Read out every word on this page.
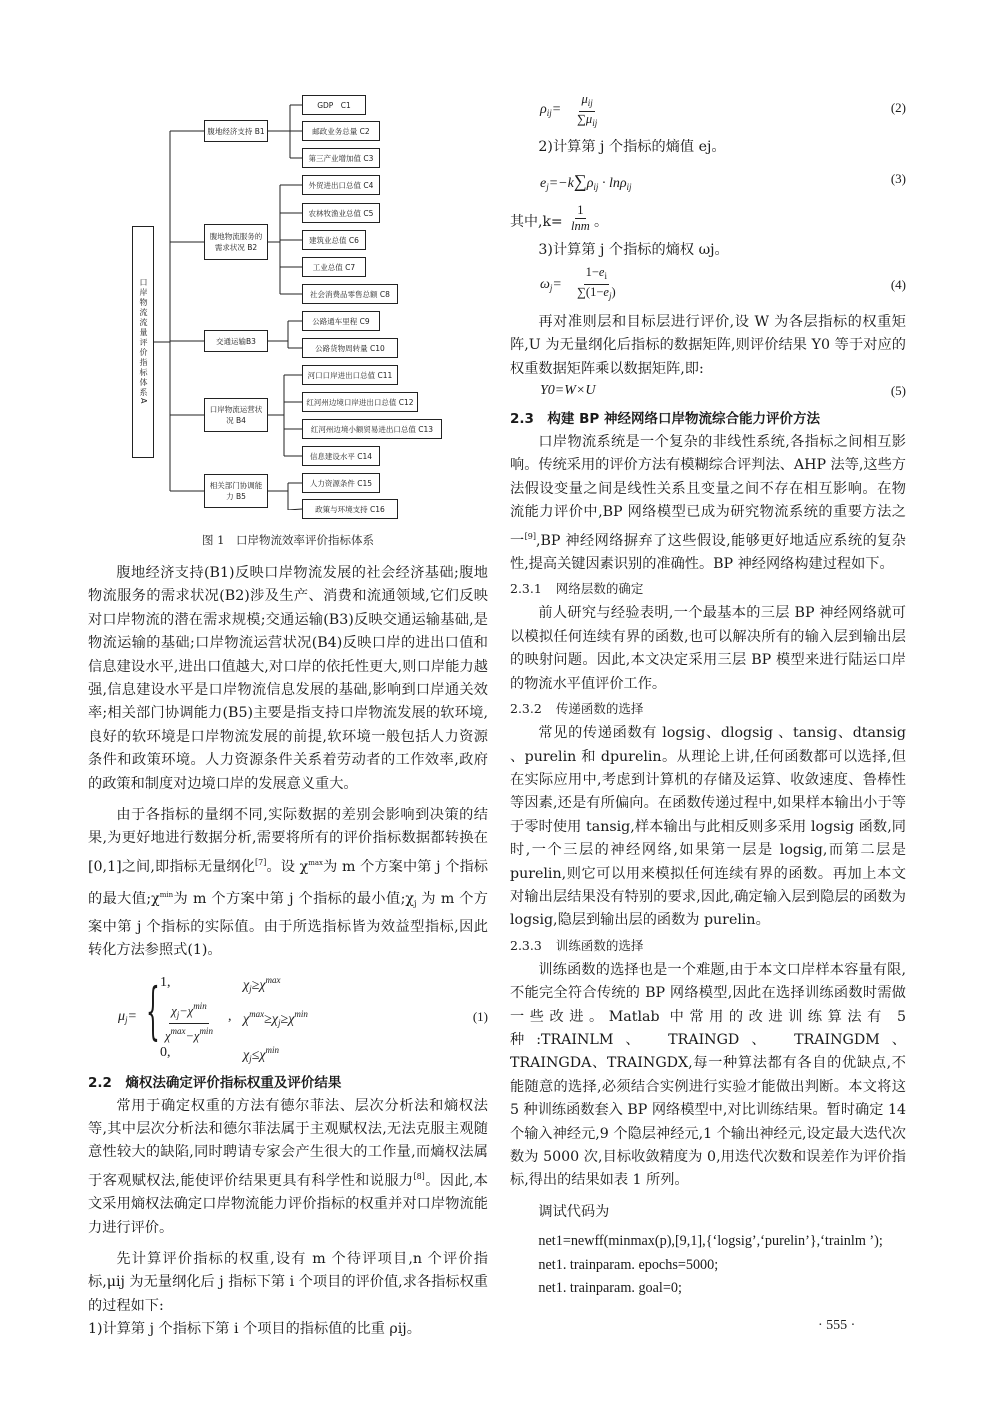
口岸物流流量评价指标体系A
腹地经济支持 B1
腹地物流服务的需求状况 B2
交通运输B3
口岸物流运营状况 B4
相关部门协调能力 B5
GDP　C1
邮政业务总量 C2
第三产业增加值 C3
外贸进出口总值 C4
农林牧渔业总值 C5
建筑业总值 C6
工业总值 C7
社会消费品零售总额 C8
公路通车里程 C9
公路货物周转量 C10
河口口岸进出口总值 C11
红河州边境口岸进出口总值 C12
红河州边境小额贸易进出口总值 C13
信息建设水平 C14
人力资源条件 C15
政策与环境支持 C16
图 1　口岸物流效率评价指标体系

腹地经济支持(B1)反映口岸物流发展的社会经济基础;腹地物流服务的需求状况(B2)涉及生产、消费和流通领域,它们反映对口岸物流的潜在需求规模;交通运输(B3)反映交通运输基础,是物流运输的基础;口岸物流运营状况(B4)反映口岸的进出口值和信息建设水平,进出口值越大,对口岸的依托性更大,则口岸能力越强,信息建设水平是口岸物流信息发展的基础,影响到口岸通关效率;相关部门协调能力(B5)主要是指支持口岸物流发展的软环境,良好的软环境是口岸物流发展的前提,软环境一般包括人力资源条件和政策环境。人力资源条件关系着劳动者的工作效率,政府的政策和制度对边境口岸的发展意义重大。

由于各指标的量纲不同,实际数据的差别会影响到决策的结果,为更好地进行数据分析,需要将所有的评价指标数据都转换在[0,1]之间,即指标无量纲化[7]。设 $\chi^{max}$为 m 个方案中第 j 个指标的最大值$;\chi^{min}$为 m 个方案中第 j 个指标的最小值$;\chi_j$ 为 m 个方案中第 j 个指标的实际值。由于所选指标皆为效益型指标,因此转化方法参照式(1)。

$\mu_j=$ { 1,	$\chi_j\ge\chi^{max}$
$\chi_j-\chi^{min}$
$\chi^{max}-\chi^{min}$
, $\chi^{max}\ge\chi_j\ge\chi^{min}$
0,	$\chi_j\le\chi^{min}$
(1)
2.2　熵权法确定评价指标权重及评价结果

常用于确定权重的方法有德尔菲法、层次分析法和熵权法等,其中层次分析法和德尔菲法属于主观赋权法,无法克服主观随意性较大的缺陷,同时聘请专家会产生很大的工作量,而熵权法属于客观赋权法,能使评价结果更具有科学性和说服力[8]。因此,本文采用熵权法确定口岸物流能力评价指标的权重并对口岸物流能力进行评价。

先计算评价指标的权重,设有 m 个待评项目,n 个评价指标,μij 为无量纲化后 j 指标下第 i 个项目的评价值,求各指标权重的过程如下:

1)计算第 j 个指标下第 i 个项目的指标值的比重 ρij。

$\rho_{ij}=$
$\mu_{ij}$
$\sum\mu_{ij}$
(2)

2)计算第 j 个指标的熵值 ej。

$e_j=-k\sum\rho_{ij} \cdot \ln\rho_{ij}$
(3)
其中$,k= \frac{1}{\ln m}$ 。

3)计算第 j 个指标的熵权 ωj。

$\omega_j= \frac{1-e_i}{\sum(1-e_j)}$	(4)

再对准则层和目标层进行评价,设 W 为各层指标的权重矩阵,U 为无量纲化后指标的数据矩阵,则评价结果 Y0 等于对应的权重数据矩阵乘以数据矩阵,即:

Y0=W×U	(5)
2.3　构建 BP 神经网络口岸物流综合能力评价方法

口岸物流系统是一个复杂的非线性系统,各指标之间相互影响。传统采用的评价方法有模糊综合评判法、AHP 法等,这些方法假设变量之间是线性关系且变量之间不存在相互影响。在物流能力评价中,BP 网络模型已成为研究物流系统的重要方法之一[9],BP 神经网络摒弃了这些假设,能够更好地适应系统的复杂性,提高关键因素识别的准确性。BP 神经网络构建过程如下。

2.3.1 网络层数的确定

前人研究与经验表明,一个最基本的三层 BP 神经网络就可以模拟任何连续有界的函数,也可以解决所有的输入层到输出层的映射问题。因此,本文决定采用三层 BP 模型来进行陆运口岸的物流水平值评价工作。

2.3.2 传递函数的选择

常见的传递函数有 logsig、dlogsig 、tansig、dtansig 、purelin 和 dpurelin。从理论上讲,任何函数都可以选择,但在实际应用中,考虑到计算机的存储及运算、收敛速度、鲁棒性等因素,还是有所偏向。在函数传递过程中,如果样本输出小于等于零时使用 tansig,样本输出与此相反则多采用 logsig 函数,同时,一个三层的神经网络,如果第一层是 logsig,而第二层是 purelin,则它可以用来模拟任何连续有界的函数。再加上本文对输出层结果没有特别的要求,因此,确定输入层到隐层的函数为 logsig,隐层到输出层的函数为 purelin。

2.3.3 训练函数的选择

训练函数的选择也是一个难题,由于本文口岸样本容量有限,不能完全符合传统的 BP 网络模型,因此在选择训练函数时需做一些改进。Matlab 中常用的改进训练算法有 5 种:TRAINLM、 TRAINGD、 TRAINGDM、 TRAINGDA、TRAINGDX,每一种算法都有各自的优缺点,不能随意的选择,必须结合实例进行实验才能做出判断。本文将这 5 种训练函数套入 BP 网络模型中,对比训练结果。暂时确定 14 个输入神经元,9 个隐层神经元,1 个输出神经元,设定最大迭代次数为 5000 次,目标收敛精度为 0,用迭代次数和误差作为评价指标,得出的结果如表 1 所列。

调试代码为

net1=newff(minmax(p),[9,1],{‘logsig’,‘purelin’},‘trainlm ’);

net1. trainparam. epochs=5000;

net1. trainparam. goal=0;

· 555 ·
